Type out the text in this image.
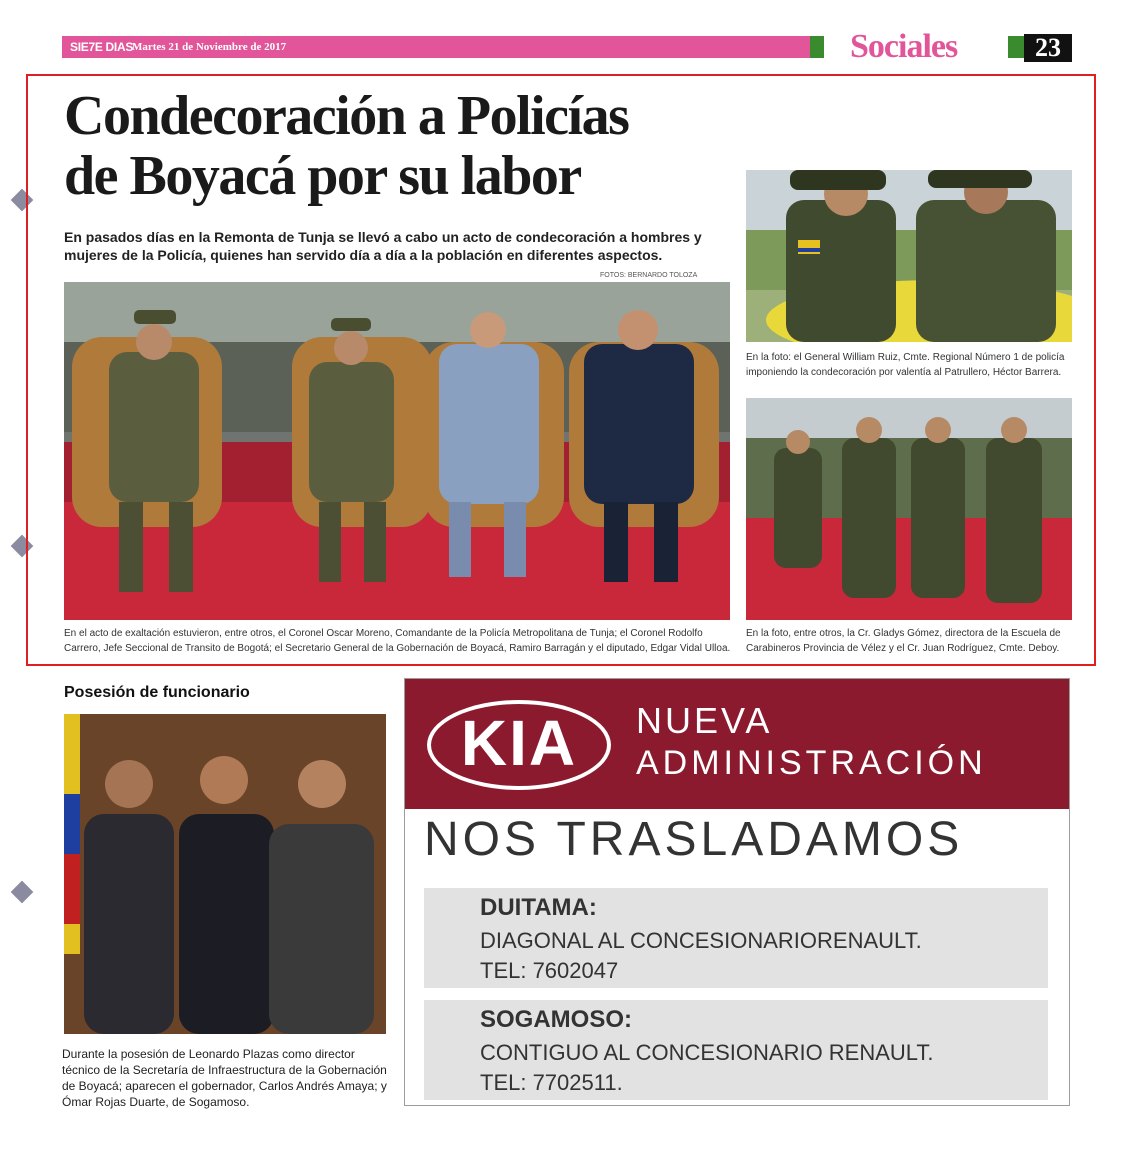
SIE7E DIAS
Martes 21 de Noviembre de 2017	Sociales	23
Condecoración a Policías
de Boyacá por su labor
En pasados días en la Remonta de Tunja se llevó a cabo un acto de condecoración a hombres y mujeres de la Policía, quienes han servido día a día a la población en diferentes aspectos.
FOTOS: BERNARDO TOLOZA
En el acto de exaltación estuvieron, entre otros, el Coronel Oscar Moreno, Comandante de la Policía Metropolitana de Tunja; el Coronel Rodolfo Carrero, Jefe Seccional de Transito de Bogotá; el Secretario General de la Gobernación de Boyacá, Ramiro Barragán y el diputado, Edgar Vidal Ulloa.
En la foto: el General William Ruiz, Cmte. Regional Número 1 de policía imponiendo la condecoración por valentía al Patrullero, Héctor Barrera.
En la foto, entre otros, la Cr. Gladys Gómez, directora de la Escuela de Carabineros Provincia de Vélez y el Cr. Juan Rodríguez, Cmte. Deboy.
Posesión de funcionario
Durante la posesión de Leonardo Plazas como director técnico de la Secretaría de Infraestructura de la Gobernación de Boyacá; aparecen el gobernador, Carlos Andrés Amaya; y Ómar Rojas Duarte, de Sogamoso.
KIA	NUEVA
ADMINISTRACIÓN
NOS TRASLADAMOS
DUITAMA:
DIAGONAL AL CONCESIONARIORENAULT.
TEL: 7602047
SOGAMOSO:
CONTIGUO AL CONCESIONARIO RENAULT.
TEL: 7702511.
